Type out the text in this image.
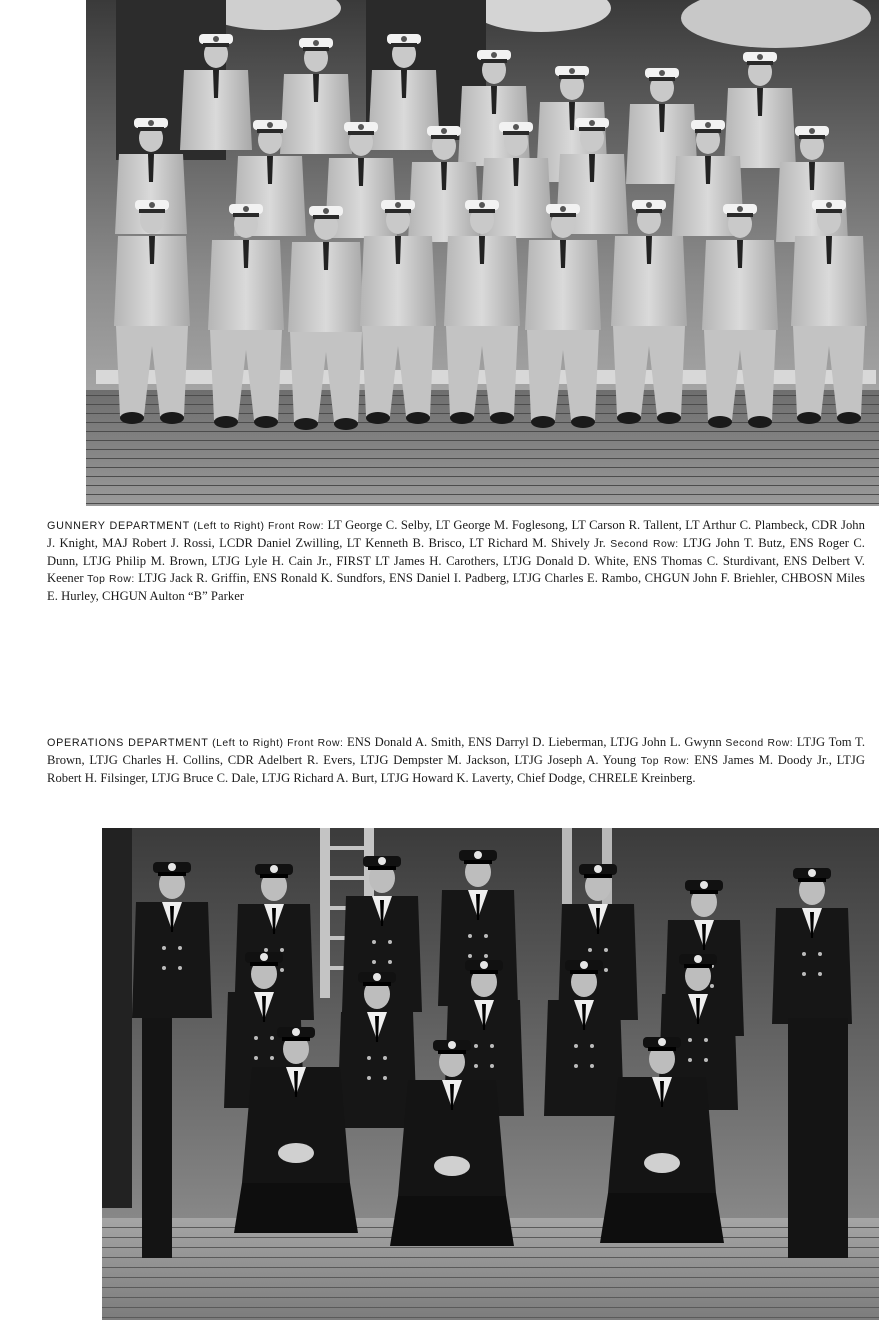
GUNNERY DEPARTMENT (Left to Right) Front Row: LT George C. Selby, LT George M. Foglesong, LT Carson R. Tallent, LT Arthur C. Plambeck, CDR John J. Knight, MAJ Robert J. Rossi, LCDR Daniel Zwilling, LT Kenneth B. Brisco, LT Richard M. Shively Jr. Second Row: LTJG John T. Butz, ENS Roger C. Dunn, LTJG Philip M. Brown, LTJG Lyle H. Cain Jr., FIRST LT James H. Carothers, LTJG Donald D. White, ENS Thomas C. Sturdivant, ENS Delbert V. Keener Top Row: LTJG Jack R. Griffin, ENS Ronald K. Sundfors, ENS Daniel I. Padberg, LTJG Charles E. Rambo, CHGUN John F. Briehler, CHBOSN Miles E. Hurley, CHGUN Aulton “B” Parker
OPERATIONS DEPARTMENT (Left to Right) Front Row: ENS Donald A. Smith, ENS Darryl D. Lieberman, LTJG John L. Gwynn Second Row: LTJG Tom T. Brown, LTJG Charles H. Collins, CDR Adelbert R. Evers, LTJG Dempster M. Jackson, LTJG Joseph A. Young Top Row: ENS James M. Doody Jr., LTJG Robert H. Filsinger, LTJG Bruce C. Dale, LTJG Richard A. Burt, LTJG Howard K. Laverty, Chief Dodge, CHRELE Kreinberg.
